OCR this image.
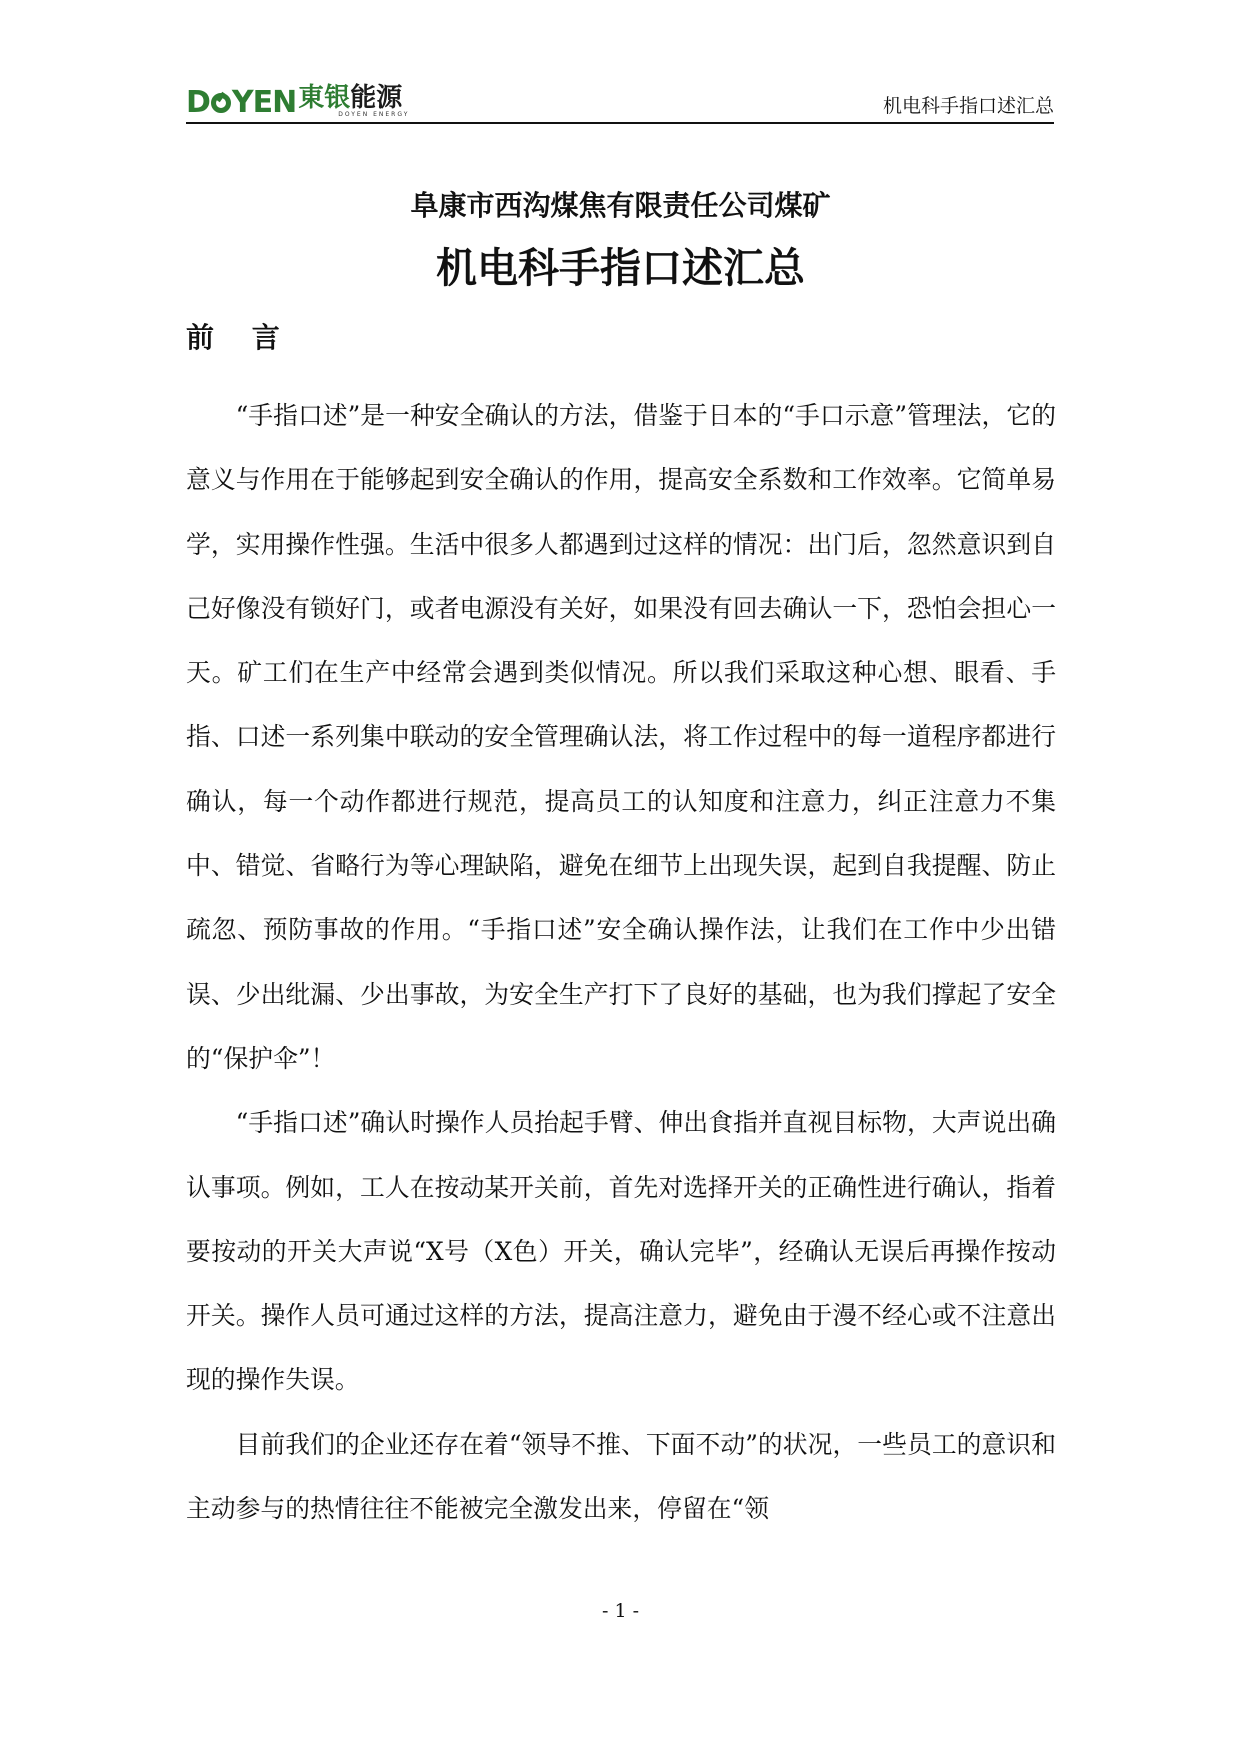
D YEN 東银能源
DOYEN ENERGY	机电科手指口述汇总
阜康市西沟煤焦有限责任公司煤矿
机电科手指口述汇总
前 言

“手指口述”是一种安全确认的方法，借鉴于日本的“手口示意”管理法，它的意义与作用在于能够起到安全确认的作用，提高安全系数和工作效率。它简单易学，实用操作性强。生活中很多人都遇到过这样的情况：出门后，忽然意识到自己好像没有锁好门，或者电源没有关好，如果没有回去确认一下，恐怕会担心一天。矿工们在生产中经常会遇到类似情况。所以我们采取这种心想、眼看、手指、口述一系列集中联动的安全管理确认法，将工作过程中的每一道程序都进行确认，每一个动作都进行规范，提高员工的认知度和注意力，纠正注意力不集中、错觉、省略行为等心理缺陷，避免在细节上出现失误，起到自我提醒、防止疏忽、预防事故的作用。“手指口述”安全确认操作法，让我们在工作中少出错误、少出纰漏、少出事故，为安全生产打下了良好的基础，也为我们撑起了安全的“保护伞”！

“手指口述”确认时操作人员抬起手臂、伸出食指并直视目标物，大声说出确认事项。例如，工人在按动某开关前，首先对选择开关的正确性进行确认，指着要按动的开关大声说“X号（X色）开关，确认完毕”，经确认无误后再操作按动开关。操作人员可通过这样的方法，提高注意力，避免由于漫不经心或不注意出现的操作失误。

目前我们的企业还存在着“领导不推、下面不动”的状况，一些员工的意识和主动参与的热情往往不能被完全激发出来，停留在“领

- 1 -
